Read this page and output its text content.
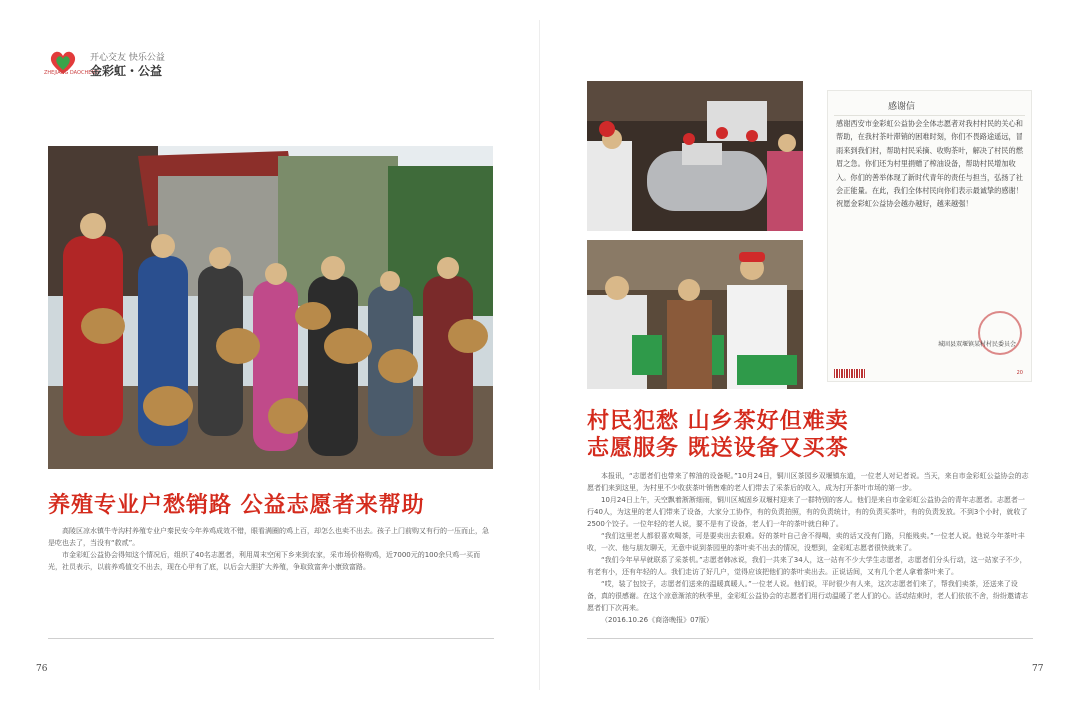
ZHEJIANG DAOCHENG
开心交友 快乐公益
金彩虹・公益
养殖专业户愁销路 公益志愿者来帮助

高陵区凉水镇牛寺沟村养殖专业户秦民安今年养鸡成效不错，眼看满圈的鸡上百，却怎么也卖不出去。孩子上门前购又有行的一压而止，急是吃也去了，当没有“救贰”。

市金彩虹公益协会得知这个情况后，组织了40名志愿者，利用周末空闲下乡来到农家，采市场价格购鸡，近7000元的100余只鸡一买而光，社员表示，以前养鸡值交不出去，现在心甲有了底，以后会大胆扩大养殖，争取致富奔小康致富路。

76
感谢信
感谢西安市金彩虹公益协会全体志愿者对我村村民的关心和帮助，在我村茶叶滞销的困难时刻，你们不畏路途遥远，冒雨来到我们村，帮助村民采摘、收购茶叶，解决了村民的燃眉之急。你们还为村里捐赠了榨油设备，帮助村民增加收入。你们的善举体现了新时代青年的责任与担当，弘扬了社会正能量。在此，我们全体村民向你们表示最诚挚的感谢！祝愿金彩虹公益协会越办越好，越来越强！
城固县双堰镇某村村民委员会
20
村民犯愁 山乡茶好但难卖
志愿服务 既送设备又买茶

本报讯，“志愿者们也带来了榨油的设备呢。”10月24日，铜川区茶园乡双堰镇东道，一位老人对记者说。当天，来自市金彩虹公益协会的志愿者们来到这里，为村里不少收获茶叶销售难的老人们带去了采茶后的收入，成为打开茶叶市场的第一步。

10月24日上午，天空飘着淅淅细雨，铜川区城固乡双堰村迎来了一群特别的客人。他们是来自市金彩虹公益协会的青年志愿者。志愿者一行40人，为这里的老人们带来了设备，大家分工协作，有的负责拍照，有的负责统计，有的负责买茶叶，有的负责发放。不到3个小时，就收了2500个饺子。一位年轻的老人说，要不是有了设备，老人们一年的茶叶就白种了。

“我们这里老人都很喜欢喝茶，可是要卖出去很难。好的茶叶自己舍不得喝，卖的话又没有门路，只能贱卖。”一位老人说。他说今年茶叶丰收，一次、他与朋友聊天，无意中说到茶园里的茶叶卖不出去的情况，没想到，金彩虹志愿者很快就来了。

“我们今年早早就联系了采茶机。”志愿者韩冰说，我们一共来了34人，这一站有不少大学生志愿者，志愿者们分头行动，这一站家子不少，有老有小，还有年轻的人。我们走访了好几户，觉得应该把他们的茶叶卖出去。正说话间，又有几个老人拿着茶叶来了。

“哎，装了包饺子，志愿者们送来的温暖真暖人。”一位老人说。他们说，平时很少有人来，这次志愿者们来了，帮我们卖茶，还送来了设备，真的很感谢。在这个凉意渐浓的秋季里，金彩虹公益协会的志愿者们用行动温暖了老人们的心。活动结束时，老人们依依不舍，纷纷邀请志愿者们下次再来。

（2016.10.26《商洛晚报》07版）

77
